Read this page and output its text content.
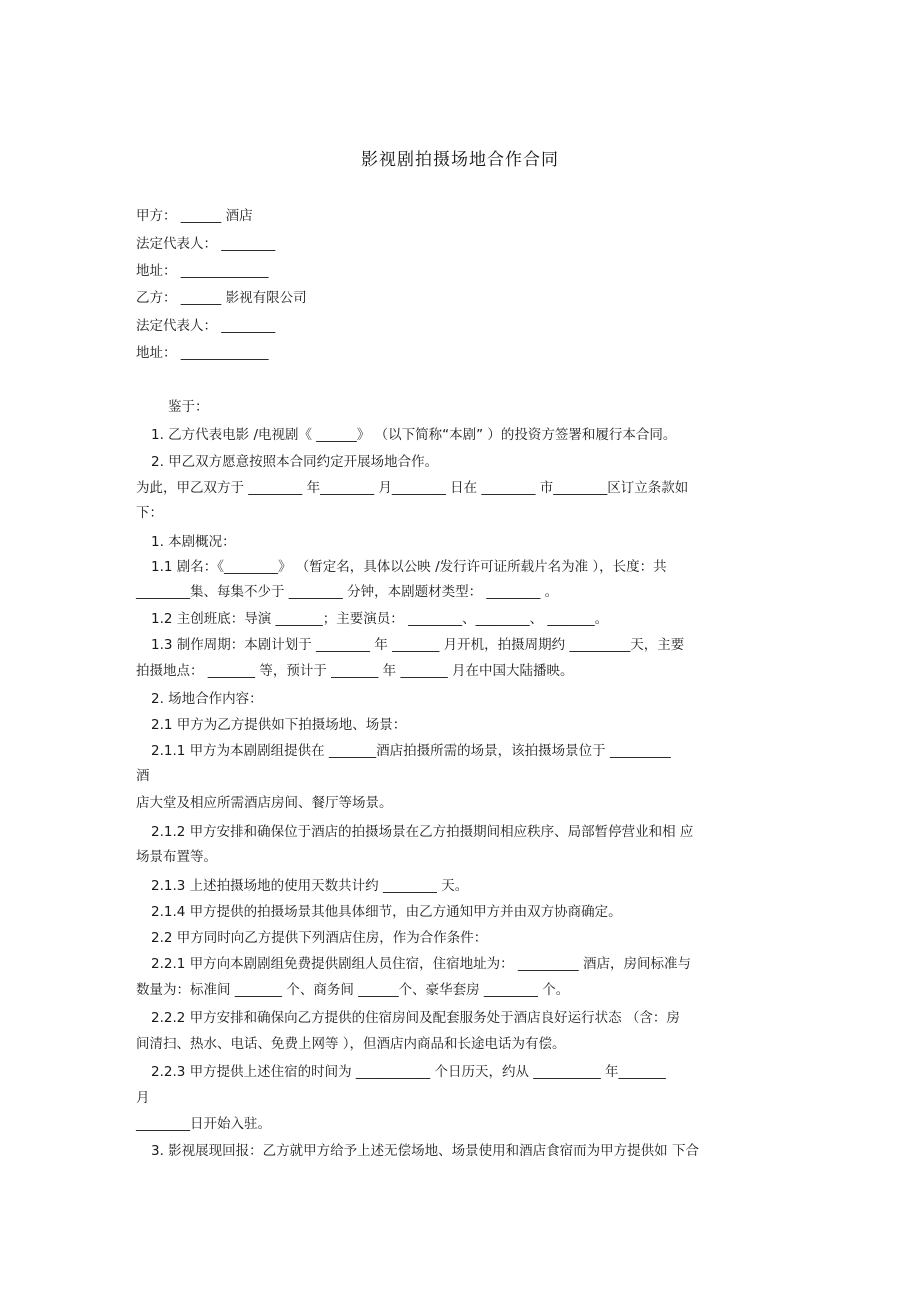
影视剧拍摄场地合作合同
甲方： ______ 酒店
法定代表人： ________
地址： _____________
乙方： ______ 影视有限公司
法定代表人： ________
地址： _____________
鉴于：
1. 乙方代表电影 /电视剧《 ______》 （以下简称“本剧” ）的投资方签署和履行本合同。
2. 甲乙双方愿意按照本合同约定开展场地合作。
为此，甲乙双方于 ________ 年________ 月________ 日在 ________ 市________区订立条款如
下：
1. 本剧概况：
1.1 剧名：《________》 （暂定名，具体以公映 /发行许可证所载片名为准 ），长度：共
________集、每集不少于 ________ 分钟，本剧题材类型： ________ 。
1.2 主创班底：导演 _______；主要演员： ________、________、 _______。
1.3 制作周期：本剧计划于 ________ 年 _______ 月开机，拍摄周期约 _________天，主要
拍摄地点： _______ 等，预计于 _______ 年 _______ 月在中国大陆播映。
2. 场地合作内容：
2.1 甲方为乙方提供如下拍摄场地、场景：
2.1.1 甲方为本剧剧组提供在 _______酒店拍摄所需的场景，该拍摄场景位于 _________
酒
店大堂及相应所需酒店房间、餐厅等场景。
2.1.2 甲方安排和确保位于酒店的拍摄场景在乙方拍摄期间相应秩序、局部暂停营业和相 应
场景布置等。
2.1.3 上述拍摄场地的使用天数共计约 ________ 天。
2.1.4 甲方提供的拍摄场景其他具体细节，由乙方通知甲方并由双方协商确定。
2.2 甲方同时向乙方提供下列酒店住房，作为合作条件：
2.2.1 甲方向本剧剧组免费提供剧组人员住宿，住宿地址为： _________ 酒店，房间标准与
数量为：标准间 _______ 个、商务间 ______个、豪华套房 ________ 个。
2.2.2 甲方安排和确保向乙方提供的住宿房间及配套服务处于酒店良好运行状态 （含：房
间清扫、热水、电话、免费上网等 ），但酒店内商品和长途电话为有偿。
2.2.3 甲方提供上述住宿的时间为 ___________ 个日历天，约从 __________ 年_______
月
________日开始入驻。
3. 影视展现回报：乙方就甲方给予上述无偿场地、场景使用和酒店食宿而为甲方提供如 下合
